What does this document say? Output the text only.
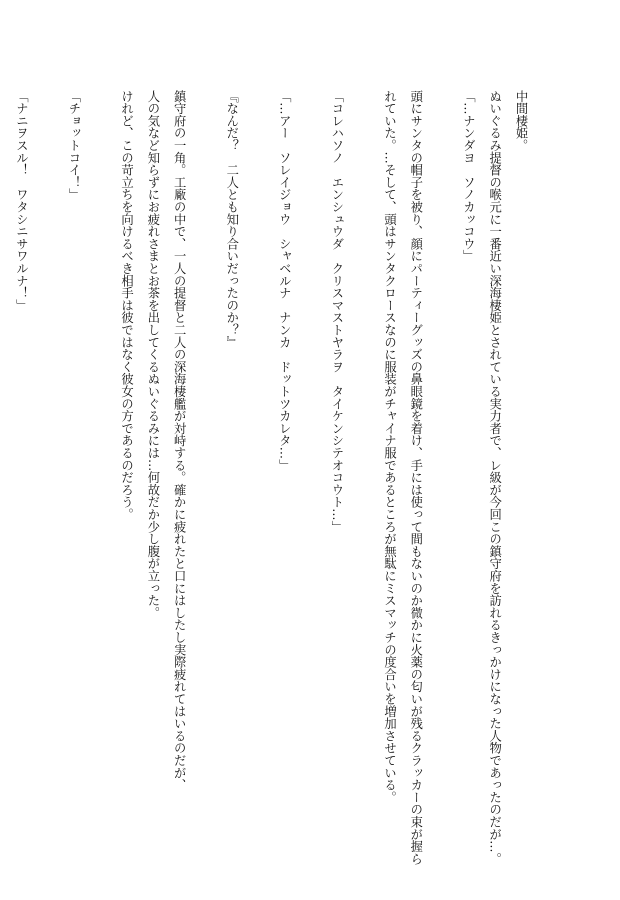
中間棲姫。
ぬいぐるみ提督の喉元に一番近い深海棲姫とされている実力者で、レ級が今回この鎮守府を訪れるきっかけになった人物であったのだが…。
「…ナンダヨ　ソノカッコウ」
頭にサンタの帽子を被り、顔にパーティーグッズの鼻眼鏡を着け、手には使って間もないのか微かに火薬の匂いが残るクラッカーの束が握ら
れていた。…そして、頭はサンタクロースなのに服装がチャイナ服であるところが無駄にミスマッチの度合いを増加させている。
「コレハソノ　エンシュウダ　クリスマストヤラヲ　タイケンシテオコウト…」
「…アー　ソレイジョウ　シャベルナ　ナンカ　ドットツカレタ…」
『なんだ？　二人とも知り合いだったのか？』
鎮守府の一角。工廠の中で、一人の提督と二人の深海棲艦が対峙する。確かに疲れたと口にはしたし実際疲れてはいるのだが、
人の気など知らずにお疲れさまとお茶を出してくるぬいぐるみには…何故だか少し腹が立った。
けれど、この苛立ちを向けるべき相手は彼ではなく彼女の方であるのだろう。
「チョットコイ！」
「ナニヲスル！　ワタシニサワルナ！」
